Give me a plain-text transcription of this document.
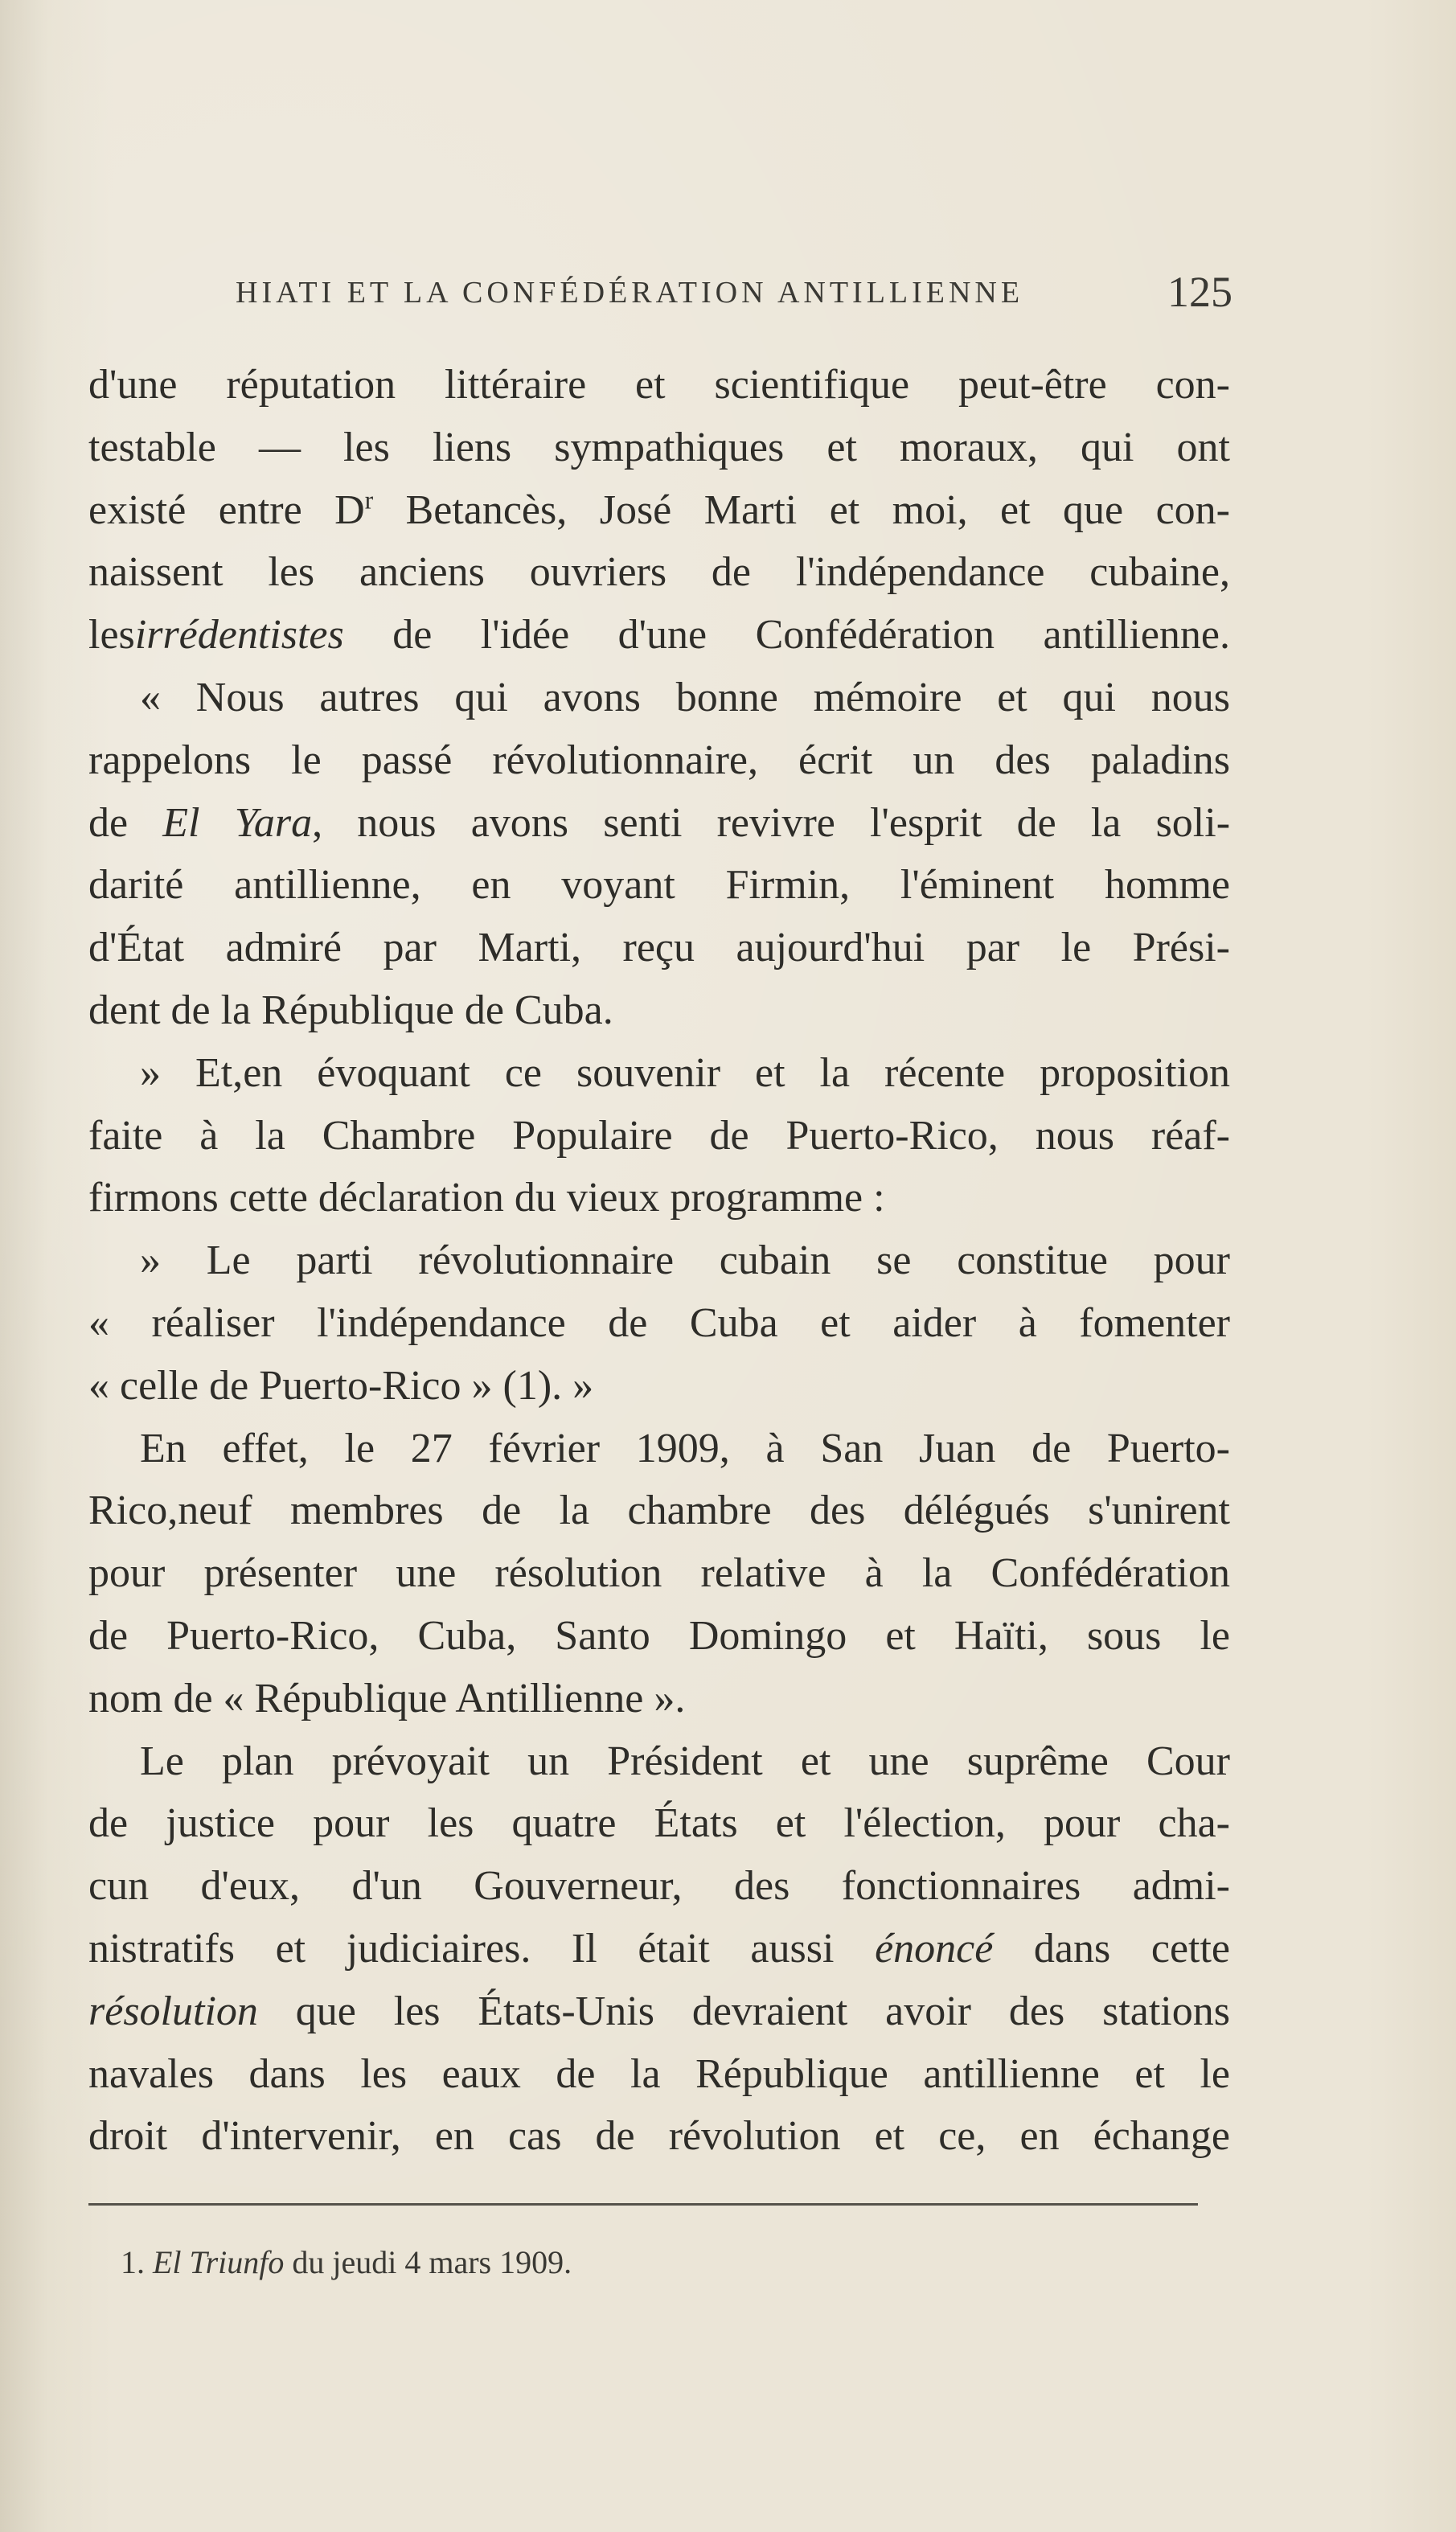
HIATI ET LA CONFÉDÉRATION ANTILLIENNE	125
d'une réputation littéraire et scientifique peut-être con-
testable — les liens sympathiques et moraux, qui ont
existé entre $D^r$ Betancès, José Marti et moi, et que con-
naissent les anciens ouvriers de l'indépendance cubaine,
lesirrédentistes de l'idée d'une Confédération antillienne.
« Nous autres qui avons bonne mémoire et qui nous
rappelons le passé révolutionnaire, écrit un des paladins
de El Yara, nous avons senti revivre l'esprit de la soli-
darité antillienne, en voyant Firmin, l'éminent homme
d'État admiré par Marti, reçu aujourd'hui par le Prési-
dent de la République de Cuba.
» Et,en évoquant ce souvenir et la récente proposition
faite à la Chambre Populaire de Puerto-Rico, nous réaf-
firmons cette déclaration du vieux programme :
» Le parti révolutionnaire cubain se constitue pour
« réaliser l'indépendance de Cuba et aider à fomenter
« celle de Puerto-Rico » (1). »
En effet, le 27 février 1909, à San Juan de Puerto-
Rico,neuf membres de la chambre des délégués s'unirent
pour présenter une résolution relative à la Confédération
de Puerto-Rico, Cuba, Santo Domingo et Haïti, sous le
nom de « République Antillienne ».
Le plan prévoyait un Président et une suprême Cour
de justice pour les quatre États et l'élection, pour cha-
cun d'eux, d'un Gouverneur, des fonctionnaires admi-
nistratifs et judiciaires. Il était aussi énoncé dans cette
résolution que les États-Unis devraient avoir des stations
navales dans les eaux de la République antillienne et le
droit d'intervenir, en cas de révolution et ce, en échange
1. El Triunfo du jeudi 4 mars 1909.
